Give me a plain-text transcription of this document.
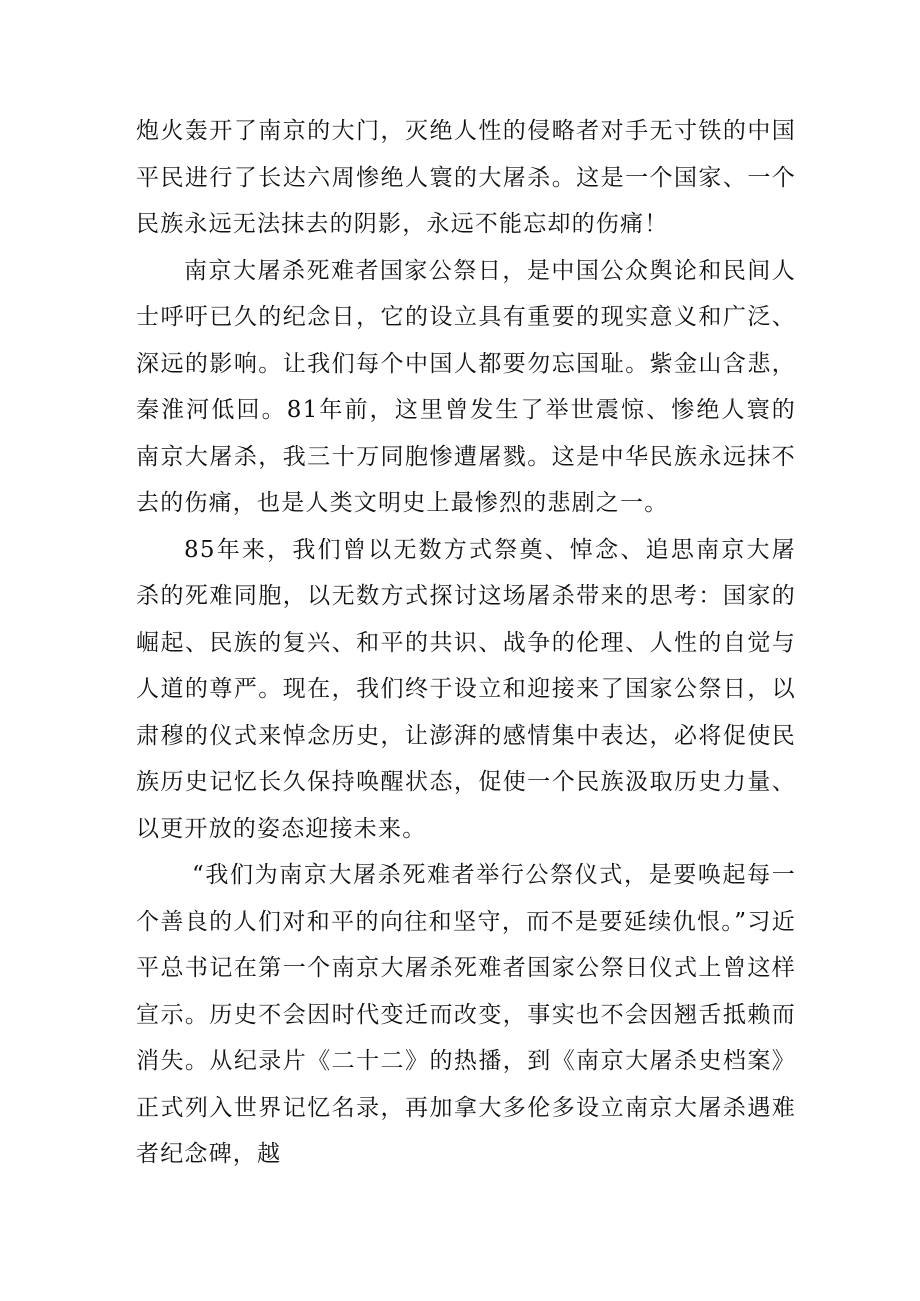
炮火轰开了南京的大门，灭绝人性的侵略者对手无寸铁的中国平民进行了长达六周惨绝人寰的大屠杀。这是一个国家、一个民族永远无法抹去的阴影，永远不能忘却的伤痛！

南京大屠杀死难者国家公祭日，是中国公众舆论和民间人士呼吁已久的纪念日，它的设立具有重要的现实意义和广泛、深远的影响。让我们每个中国人都要勿忘国耻。紫金山含悲，秦淮河低回。81年前，这里曾发生了举世震惊、惨绝人寰的南京大屠杀，我三十万同胞惨遭屠戮。这是中华民族永远抹不去的伤痛，也是人类文明史上最惨烈的悲剧之一。

85年来，我们曾以无数方式祭奠、悼念、追思南京大屠杀的死难同胞，以无数方式探讨这场屠杀带来的思考：国家的崛起、民族的复兴、和平的共识、战争的伦理、人性的自觉与人道的尊严。现在，我们终于设立和迎接来了国家公祭日，以肃穆的仪式来悼念历史，让澎湃的感情集中表达，必将促使民族历史记忆长久保持唤醒状态，促使一个民族汲取历史力量、以更开放的姿态迎接未来。

“我们为南京大屠杀死难者举行公祭仪式，是要唤起每一个善良的人们对和平的向往和坚守，而不是要延续仇恨。”习近平总书记在第一个南京大屠杀死难者国家公祭日仪式上曾这样宣示。历史不会因时代变迁而改变，事实也不会因翘舌抵赖而消失。从纪录片《二十二》的热播，到《南京大屠杀史档案》正式列入世界记忆名录，再加拿大多伦多设立南京大屠杀遇难者纪念碑，越
